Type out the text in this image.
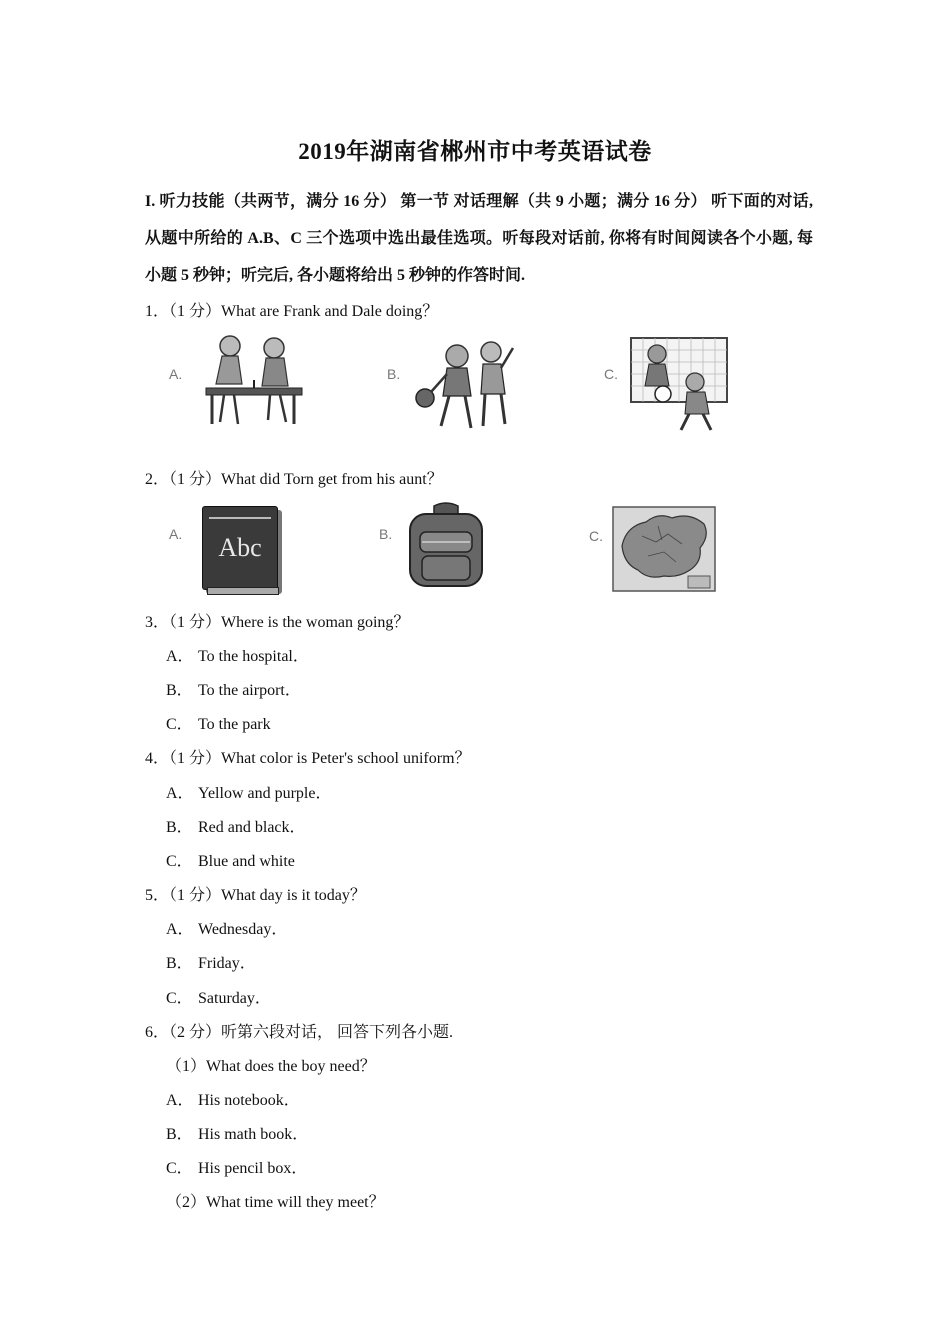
2019年湖南省郴州市中考英语试卷
I. 听力技能（共两节，满分 16 分） 第一节 对话理解（共 9 小题；满分 16 分） 听下面的对话, 从题中所给的 A.B、C 三个选项中选出最佳选项。听每段对话前, 你将有时间阅读各个小题, 每小题 5 秒钟；听完后, 各小题将给出 5 秒钟的作答时间.
1．（1 分）What are Frank and Dale doing？
A.	B.	C.
2．（1 分）What did Torn get from his aunt？
A.	Abc	B.	C.
3．（1 分）Where is the woman going？
A． To the hospital．
B． To the airport．
C． To the park
4．（1 分）What color is Peter's school uniform？
A． Yellow and purple．
B． Red and black．
C． Blue and white
5．（1 分）What day is it today？
A． Wednesday．
B． Friday．
C． Saturday．
6．（2 分）听第六段对话， 回答下列各小题.
（1）What does the boy need？
A． His notebook．
B． His math book．
C． His pencil box．
（2）What time will they meet？
